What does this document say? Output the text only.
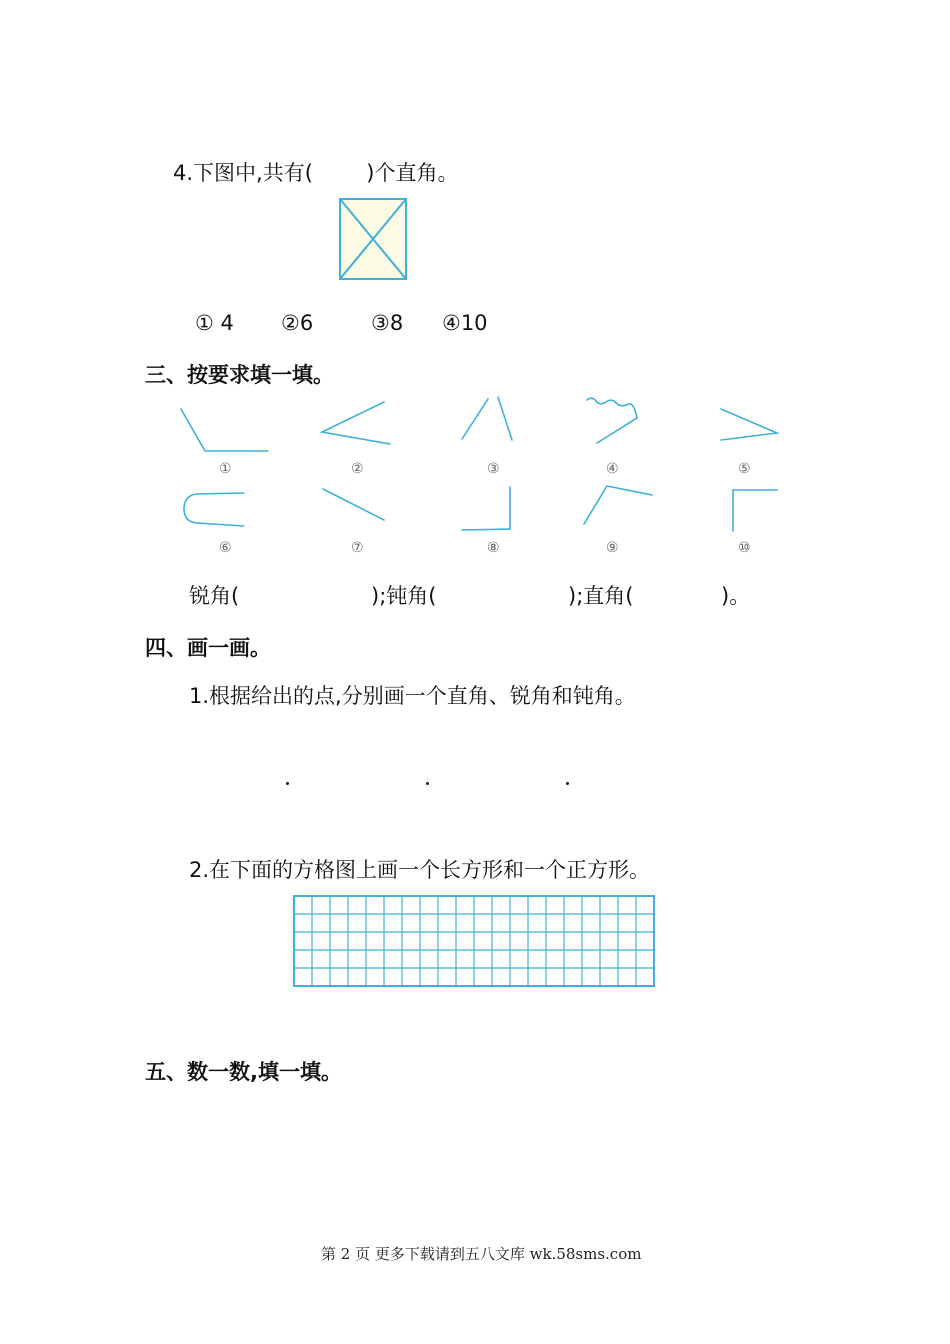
4.下图中,共有(        )个直角。
① 4 ②6	③8 ④10
三、按要求填一填。
①	②	③	④	⑤
⑥	⑦	⑧	⑨	⑩
锐角(	);钝角(	);直角(	)。
四、画一画。
1.根据给出的点,分别画一个直角、锐角和钝角。
2.在下面的方格图上画一个长方形和一个正方形。
五、数一数,填一填。
第 2 页 更多下载请到五八文库 wk.58sms.com
